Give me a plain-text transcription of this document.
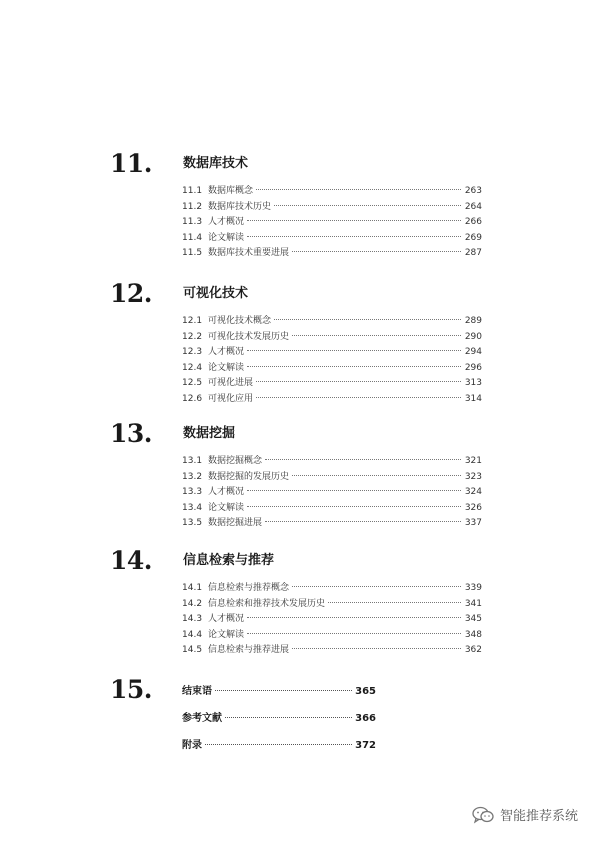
11. 数据库技术
11.1 数据库概念	263
11.2 数据库技术历史	264
11.3 人才概况	266
11.4 论文解读	269
11.5 数据库技术重要进展	287
12. 可视化技术
12.1 可视化技术概念	289
12.2 可视化技术发展历史	290
12.3 人才概况	294
12.4 论文解读	296
12.5 可视化进展	313
12.6 可视化应用	314
13. 数据挖掘
13.1 数据挖掘概念	321
13.2 数据挖掘的发展历史	323
13.3 人才概况	324
13.4 论文解读	326
13.5 数据挖掘进展	337
14. 信息检索与推荐
14.1 信息检索与推荐概念	339
14.2 信息检索和推荐技术发展历史	341
14.3 人才概况	345
14.4 论文解读	348
14.5 信息检索与推荐进展	362
15.	结束语	365
参考文献	366
附录	372
智能推荐系统
